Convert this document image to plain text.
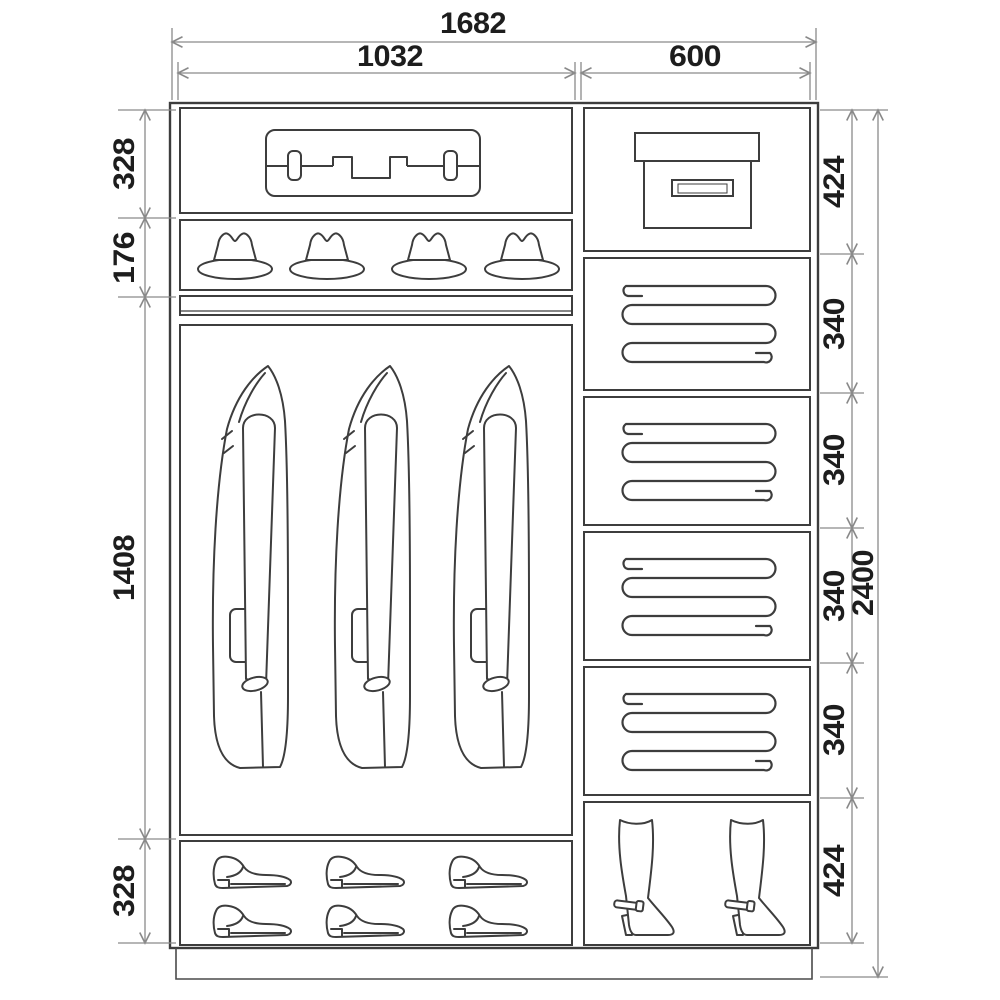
1682
1032	600
328
176
1408
328
424
340
340
340
340
424
2400
